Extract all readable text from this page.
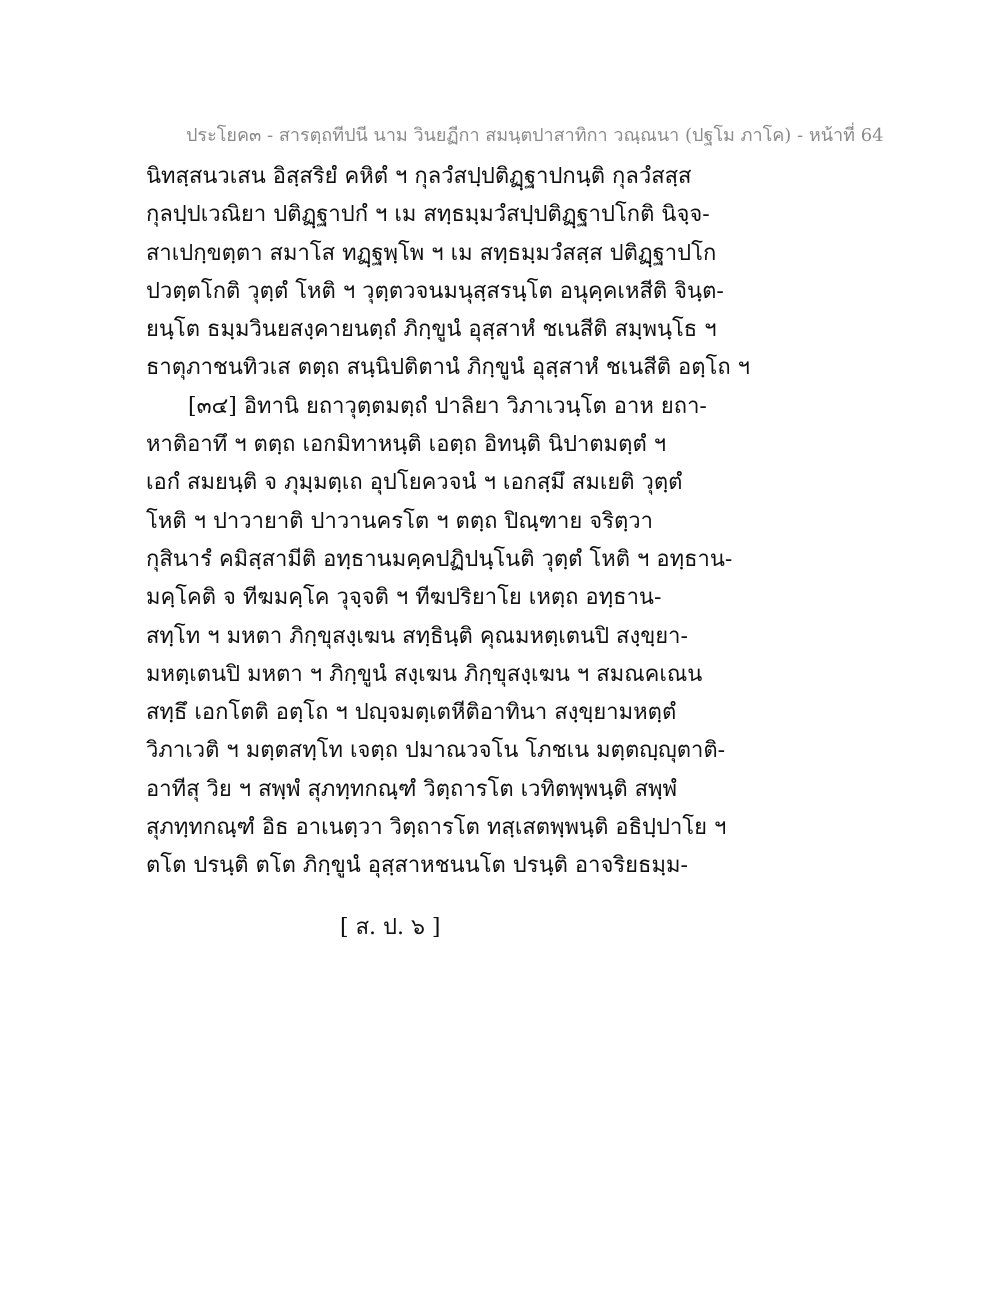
ประโยค๓ - สารตฺถทีปนี นาม วินยฏีกา สมนฺตปาสาทิกา วณฺณนา (ปฐโม ภาโค) - หน้าที่ 64
นิทสฺสนวเสน อิสฺสริยํ คหิตํ ฯ กุลวํสปฺปติฏฺฐาปกนฺติ กุลวํสสฺส
กุลปฺปเวณิยา ปติฏฺฐาปกํ ฯ เม สทฺธมฺมวํสปฺปติฏฺฐาปโกติ นิจฺจ-
สาเปกฺขตฺตา สมาโส ทฏฺฐพฺโพ ฯ เม สทฺธมฺมวํสสฺส ปติฏฺฐาปโก
ปวตฺตโกติ วุตฺตํ โหติ ฯ วุตฺตวจนมนุสฺสรนฺโต อนุคฺคเหสีติ จินฺต-
ยนฺโต ธมฺมวินยสงฺคายนตฺถํ ภิกฺขูนํ อุสฺสาหํ ชเนสีติ สมฺพนฺโธ ฯ
ธาตุภาชนทิวเส ตตฺถ สนฺนิปติตานํ ภิกฺขูนํ อุสฺสาหํ ชเนสีติ อตฺโถ ฯ
[๓๔] อิทานิ ยถาวุตฺตมตฺถํ ปาลิยา วิภาเวนฺโต อาห ยถา-
หาติอาทึ ฯ ตตฺถ เอกมิทาหนฺติ เอตฺถ อิทนฺติ นิปาตมตฺตํ ฯ
เอกํ สมยนฺติ จ ภุมฺมตฺเถ อุปโยควจนํ ฯ เอกสฺมึ สมเยติ วุตฺตํ
โหติ ฯ ปาวายาติ ปาวานครโต ฯ ตตฺถ ปิณฺฑาย จริตฺวา
กุสินารํ คมิสฺสามีติ อทฺธานมคฺคปฏิปนฺโนติ วุตฺตํ โหติ ฯ อทฺธาน-
มคฺโคติ จ ทีฆมคฺโค วุจฺจติ ฯ ทีฆปริยาโย เหตฺถ อทฺธาน-
สทฺโท ฯ มหตา ภิกฺขุสงฺเฆน สทฺธินฺติ คุณมหตฺเตนปิ สงฺขฺยา-
มหตฺเตนปิ มหตา ฯ ภิกฺขูนํ สงฺเฆน ภิกฺขุสงฺเฆน ฯ สมณคเณน
สทฺธึ เอกโตติ อตฺโถ ฯ ปญฺจมตฺเตหีติอาทินา สงฺขฺยามหตฺตํ
วิภาเวติ ฯ มตฺตสทฺโท เจตฺถ ปมาณวจโน โภชเน มตฺตญฺญุตาติ-
อาทีสุ วิย ฯ สพฺพํ สุภทฺทกณฺฑํ วิตฺถารโต เวทิตพฺพนฺติ สพฺพํ
สุภทฺทกณฺฑํ อิธ อาเนตฺวา วิตฺถารโต ทสฺเสตพฺพนฺติ อธิปฺปาโย ฯ
ตโต ปรนฺติ ตโต ภิกฺขูนํ อุสฺสาหชนนโต ปรนฺติ อาจริยธมฺม-
[ ส. ป. ๖ ]
